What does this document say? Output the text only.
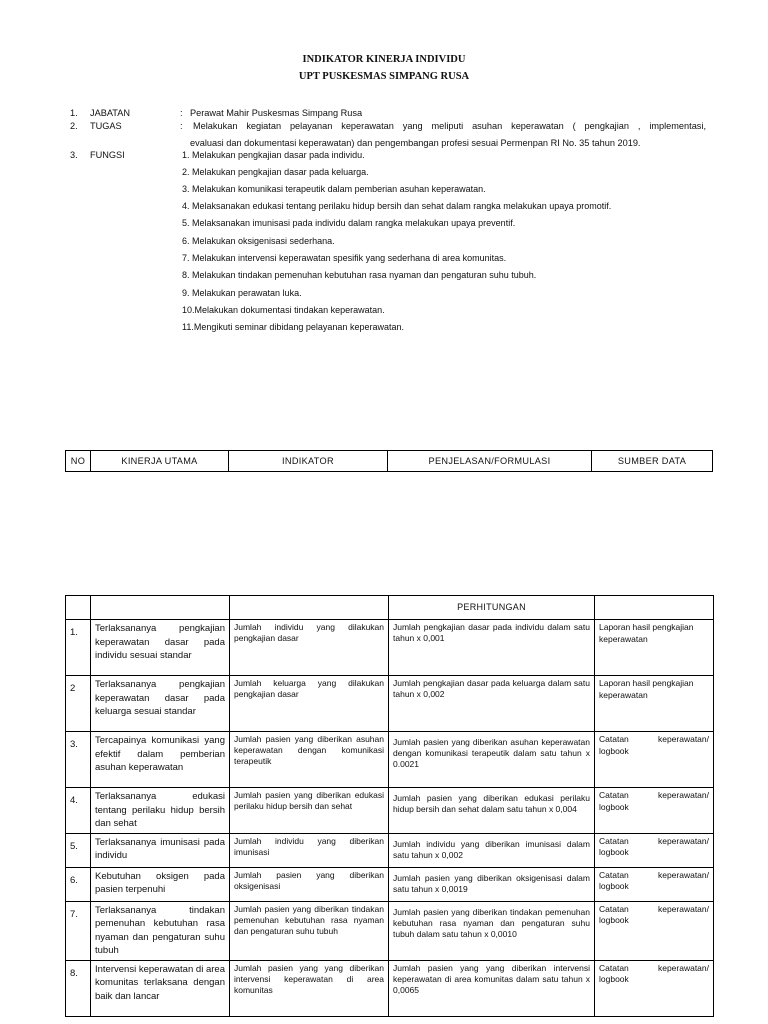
INDIKATOR KINERJA INDIVIDU
UPT PUSKESMAS SIMPANG RUSA
1. JABATAN	: Perawat Mahir Puskesmas Simpang Rusa
2. TUGAS	: Melakukan kegiatan pelayanan keperawatan yang meliputi asuhan keperawatan ( pengkajian , implementasi,
evaluasi dan dokumentasi keperawatan) dan pengembangan profesi sesuai Permenpan RI No. 35 tahun 2019.
3. FUNGSI	1. Melakukan pengkajian dasar pada individu.
2. Melakukan pengkajian dasar pada keluarga.
3. Melakukan komunikasi terapeutik dalam pemberian asuhan keperawatan.
4. Melaksanakan edukasi tentang perilaku hidup bersih dan sehat dalam rangka melakukan upaya promotif.
5. Melaksanakan imunisasi pada individu dalam rangka melakukan upaya preventif.
6. Melakukan oksigenisasi sederhana.
7. Melakukan intervensi keperawatan spesifik yang sederhana di area komunitas.
8. Melakukan tindakan pemenuhan kebutuhan rasa nyaman dan pengaturan suhu tubuh.
9. Melakukan perawatan luka.
10.Melakukan dokumentasi tindakan keperawatan.
11.Mengikuti seminar dibidang pelayanan keperawatan.
NO	KINERJA UTAMA	INDIKATOR	PENJELASAN/FORMULASI	SUMBER DATA
			PERHITUNGAN	
1.	Terlaksananya pengkajian keperawatan dasar pada individu sesuai standar	Jumlah individu yang dilakukan pengkajian dasar	Jumlah pengkajian dasar pada individu dalam satu tahun x 0,001	Laporan hasil pengkajian keperawatan
2	Terlaksananya pengkajian keperawatan dasar pada keluarga sesuai standar	Jumlah keluarga yang dilakukan pengkajian dasar	Jumlah pengkajian dasar pada keluarga dalam satu tahun x 0,002	Laporan hasil pengkajian keperawatan
3.	Tercapainya komunikasi yang efektif dalam pemberian asuhan keperawatan	Jumlah pasien yang diberikan asuhan keperawatan dengan komunikasi terapeutik	Jumlah pasien yang diberikan asuhan keperawatan dengan komunikasi terapeutik dalam satu tahun x 0.0021	Catatan keperawatan/ logbook
4.	Terlaksananya edukasi tentang perilaku hidup bersih dan sehat	Jumlah pasien yang diberikan edukasi perilaku hidup bersih dan sehat	Jumlah pasien yang diberikan edukasi perilaku hidup bersih dan sehat dalam satu tahun x 0,004	Catatan keperawatan/ logbook
5.	Terlaksananya imunisasi pada individu	Jumlah individu yang diberikan imunisasi	Jumlah individu yang diberikan imunisasi dalam satu tahun x 0,002	Catatan keperawatan/ logbook
6.	Kebutuhan oksigen pada pasien terpenuhi	Jumlah pasien yang diberikan oksigenisasi	Jumlah pasien yang diberikan oksigenisasi dalam satu tahun x 0,0019	Catatan keperawatan/ logbook
7.	Terlaksananya tindakan pemenuhan kebutuhan rasa nyaman dan pengaturan suhu tubuh	Jumlah pasien yang diberikan tindakan pemenuhan kebutuhan rasa nyaman dan pengaturan suhu tubuh	Jumlah pasien yang diberikan tindakan pemenuhan kebutuhan rasa nyaman dan pengaturan suhu tubuh dalam satu tahun x 0,0010	Catatan keperawatan/ logbook
8.	Intervensi keperawatan di area komunitas terlaksana dengan baik dan lancar	Jumlah pasien yang yang diberikan intervensi keperawatan di area komunitas	Jumlah pasien yang yang diberikan intervensi keperawatan di area komunitas dalam satu tahun x 0,0065	Catatan keperawatan/ logbook
